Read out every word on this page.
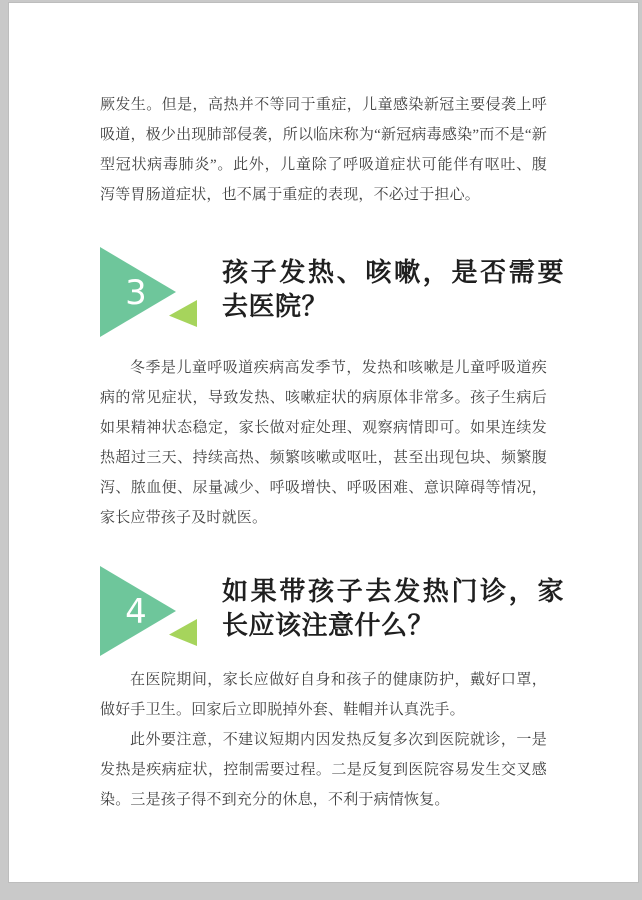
厥发生。但是，高热并不等同于重症，儿童感染新冠主要侵袭上呼吸道，极少出现肺部侵袭，所以临床称为“新冠病毒感染”而不是“新型冠状病毒肺炎”。此外，儿童除了呼吸道症状可能伴有呕吐、腹泻等胃肠道症状，也不属于重症的表现，不必过于担心。

3	孩子发热、咳嗽，是否需要去医院？

冬季是儿童呼吸道疾病高发季节，发热和咳嗽是儿童呼吸道疾病的常见症状，导致发热、咳嗽症状的病原体非常多。孩子生病后如果精神状态稳定，家长做对症处理、观察病情即可。如果连续发热超过三天、持续高热、频繁咳嗽或呕吐，甚至出现包块、频繁腹泻、脓血便、尿量减少、呼吸增快、呼吸困难、意识障碍等情况，家长应带孩子及时就医。

4	如果带孩子去发热门诊，家长应该注意什么？

在医院期间，家长应做好自身和孩子的健康防护，戴好口罩，做好手卫生。回家后立即脱掉外套、鞋帽并认真洗手。

此外要注意，不建议短期内因发热反复多次到医院就诊，一是发热是疾病症状，控制需要过程。二是反复到医院容易发生交叉感染。三是孩子得不到充分的休息，不利于病情恢复。
